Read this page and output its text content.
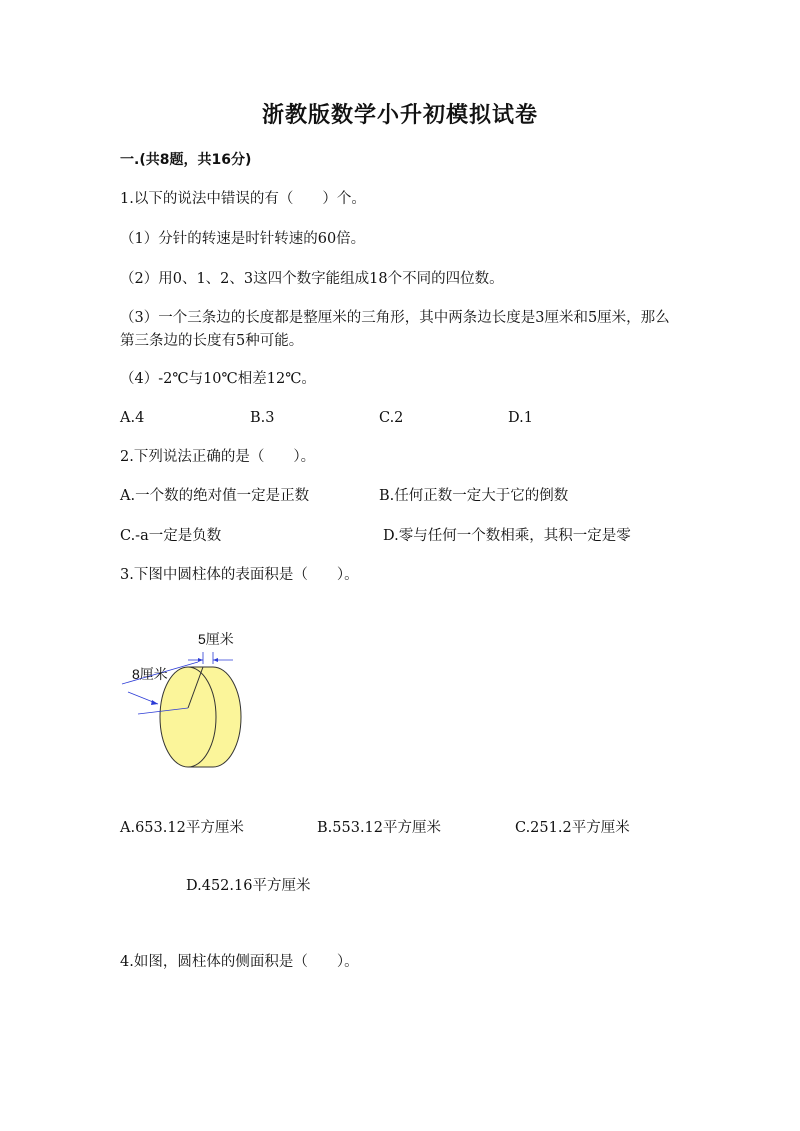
浙教版数学小升初模拟试卷
一.(共8题，共16分)
1.以下的说法中错误的有（　　）个。
（1）分针的转速是时针转速的60倍。
（2）用0、1、2、3这四个数字能组成18个不同的四位数。
（3）一个三条边的长度都是整厘米的三角形，其中两条边长度是3厘米和5厘米，那么第三条边的长度有5种可能。
（4）-2℃与10℃相差12℃。
A.4	B.3	C.2	D.1
2.下列说法正确的是（　　）。
A.一个数的绝对值一定是正数	B.任何正数一定大于它的倒数
C.-a一定是负数	D.零与任何一个数相乘，其积一定是零
3.下图中圆柱体的表面积是（　　）。
5厘米
8厘米
A.653.12平方厘米	B.553.12平方厘米	C.251.2平方厘米
D.452.16平方厘米
4.如图，圆柱体的侧面积是（　　）。
